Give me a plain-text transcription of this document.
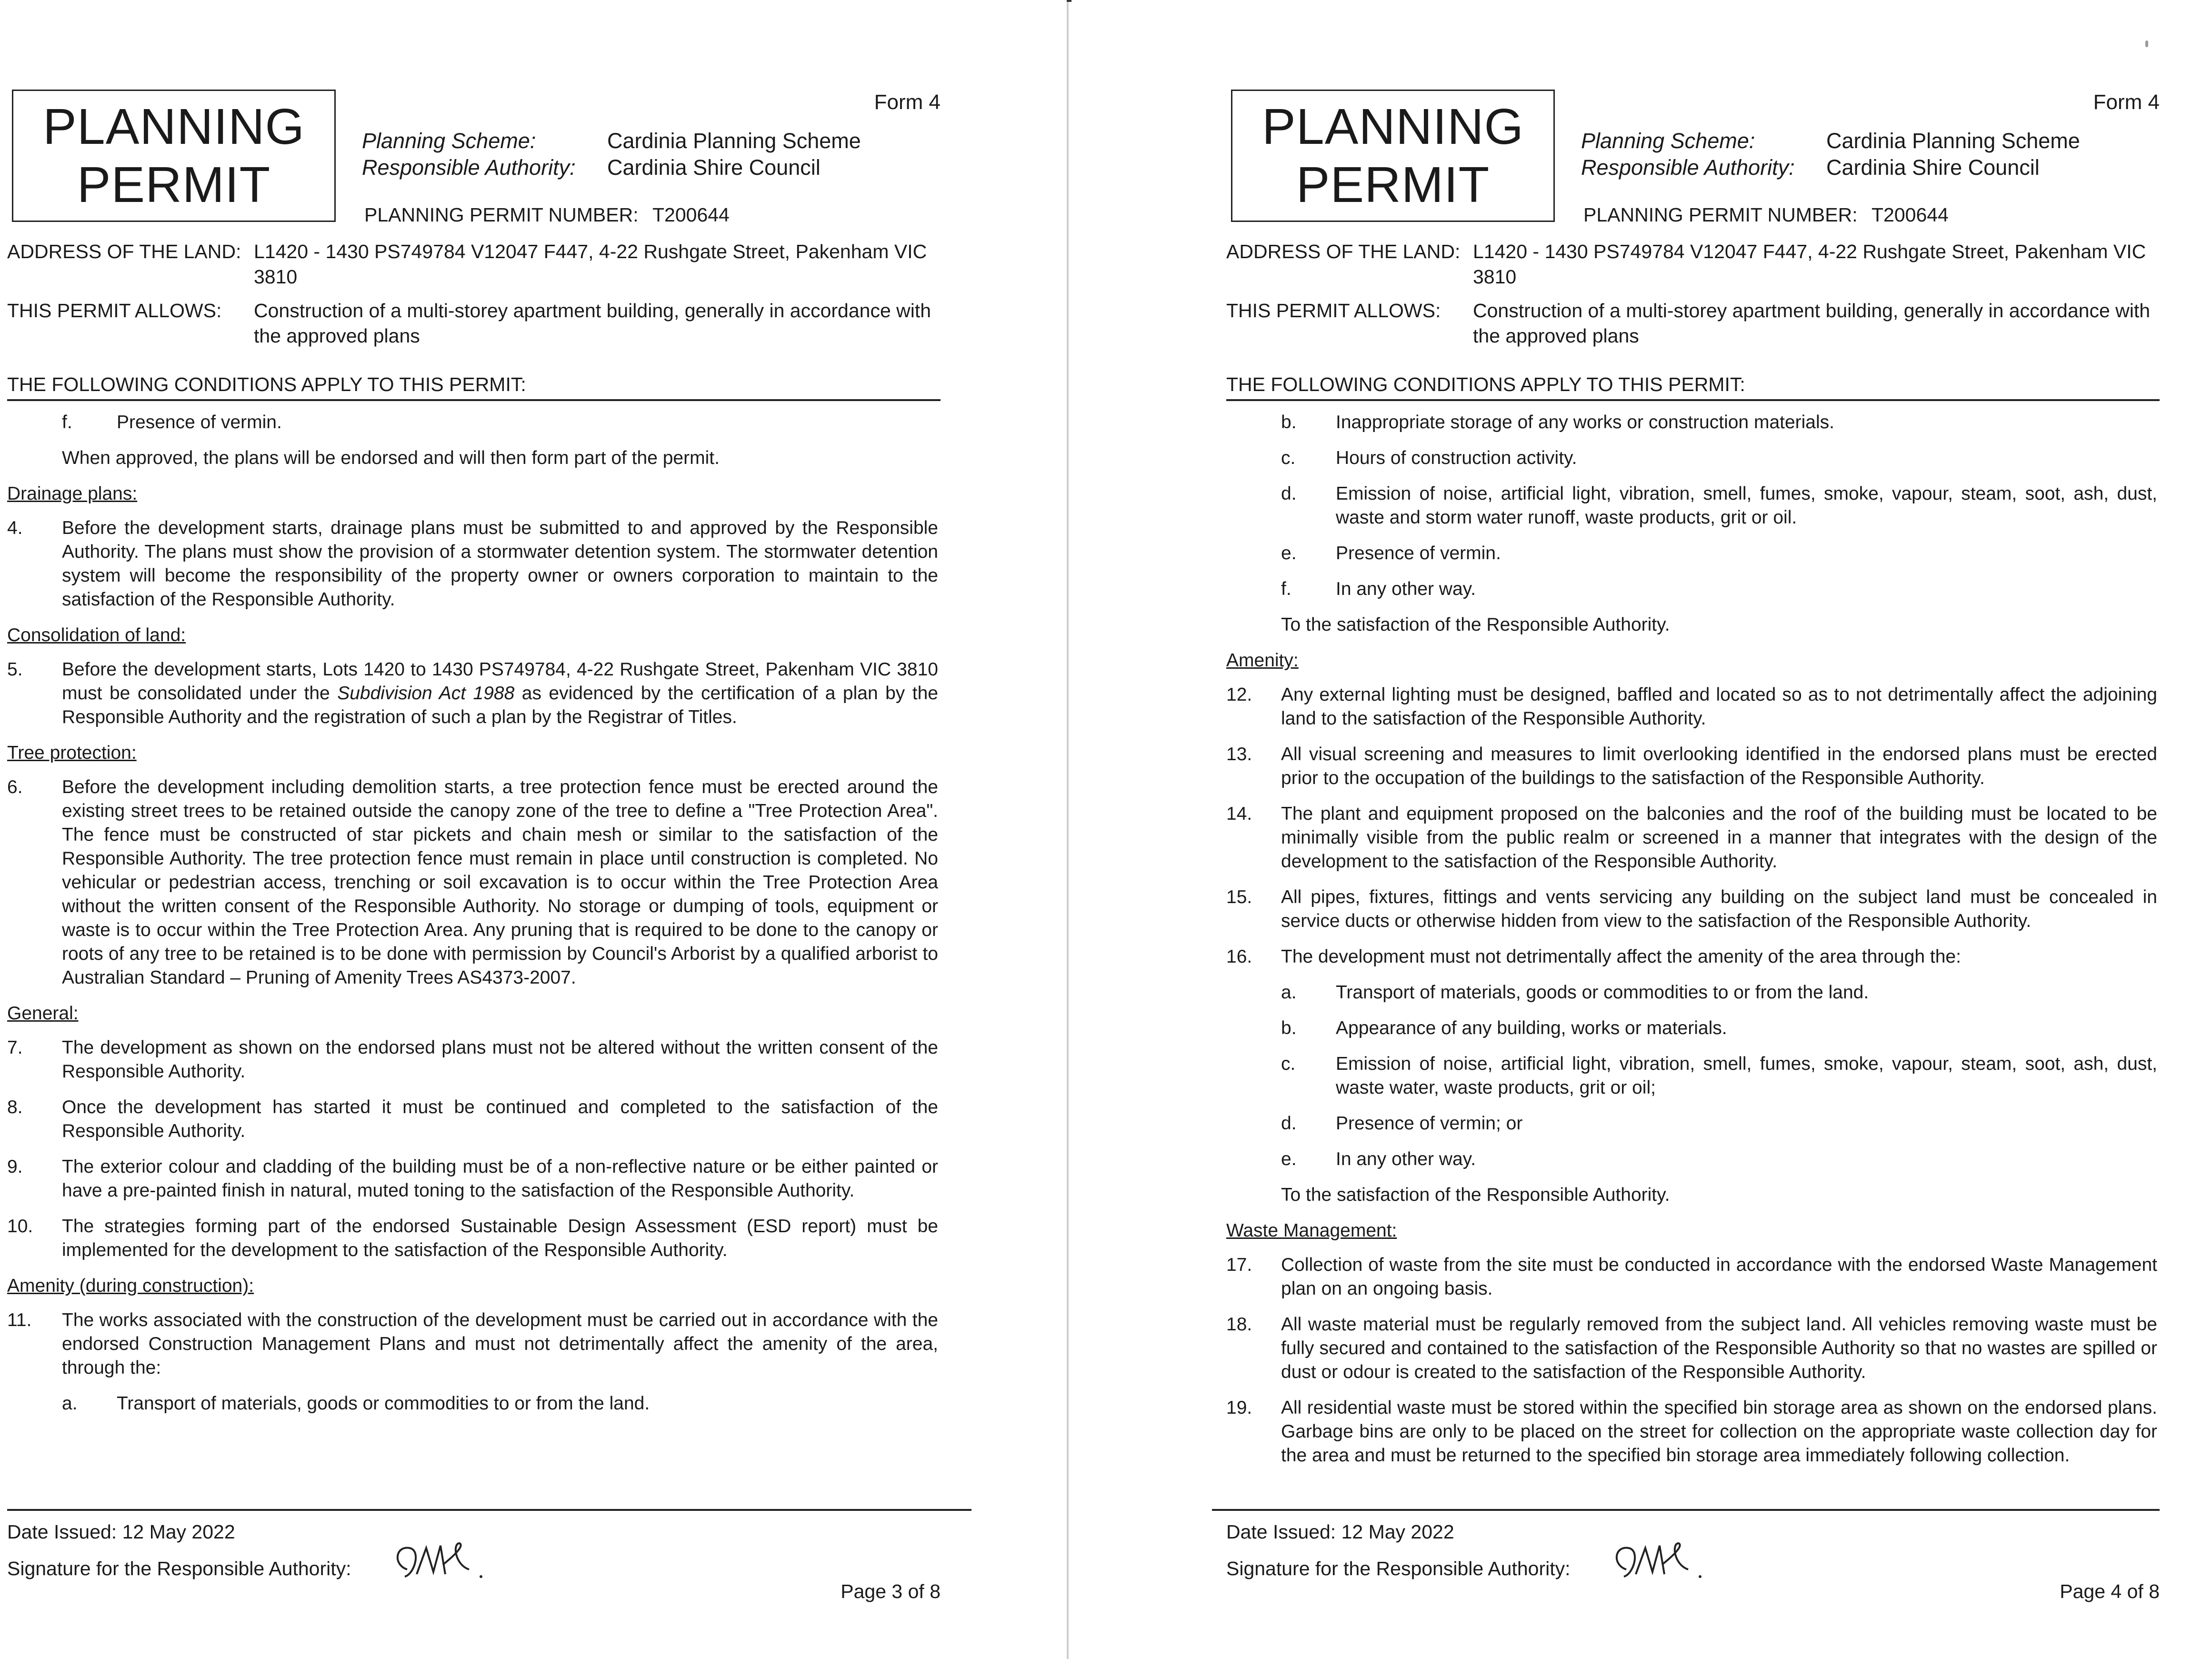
Form 4
PLANNING
PERMIT
Planning Scheme:	Cardinia Planning Scheme
Responsible Authority: Cardinia Shire Council
PLANNING PERMIT NUMBER: T200644
ADDRESS OF THE LAND: L1420 - 1430 PS749784 V12047 F447, 4-22 Rushgate Street, Pakenham VIC 3810
THIS PERMIT ALLOWS:	Construction of a multi-storey apartment building, generally in accordance with the approved plans
THE FOLLOWING CONDITIONS APPLY TO THIS PERMIT:
f.	Presence of vermin.
When approved, the plans will be endorsed and will then form part of the permit.
Drainage plans:
4.	Before the development starts, drainage plans must be submitted to and approved by the Responsible Authority. The plans must show the provision of a stormwater detention system. The stormwater detention system will become the responsibility of the property owner or owners corporation to maintain to the satisfaction of the Responsible Authority.
Consolidation of land:
5.	Before the development starts, Lots 1420 to 1430 PS749784, 4-22 Rushgate Street, Pakenham VIC 3810 must be consolidated under the Subdivision Act 1988 as evidenced by the certification of a plan by the Responsible Authority and the registration of such a plan by the Registrar of Titles.
Tree protection:
6.	Before the development including demolition starts, a tree protection fence must be erected around the existing street trees to be retained outside the canopy zone of the tree to define a "Tree Protection Area". The fence must be constructed of star pickets and chain mesh or similar to the satisfaction of the Responsible Authority. The tree protection fence must remain in place until construction is completed. No vehicular or pedestrian access, trenching or soil excavation is to occur within the Tree Protection Area without the written consent of the Responsible Authority. No storage or dumping of tools, equipment or waste is to occur within the Tree Protection Area. Any pruning that is required to be done to the canopy or roots of any tree to be retained is to be done with permission by Council's Arborist by a qualified arborist to Australian Standard – Pruning of Amenity Trees AS4373-2007.
General:
7.	The development as shown on the endorsed plans must not be altered without the written consent of the Responsible Authority.
8.	Once the development has started it must be continued and completed to the satisfaction of the Responsible Authority.
9.	The exterior colour and cladding of the building must be of a non-reflective nature or be either painted or have a pre-painted finish in natural, muted toning to the satisfaction of the Responsible Authority.
10.	The strategies forming part of the endorsed Sustainable Design Assessment (ESD report) must be implemented for the development to the satisfaction of the Responsible Authority.
Amenity (during construction):
11.	The works associated with the construction of the development must be carried out in accordance with the endorsed Construction Management Plans and must not detrimentally affect the amenity of the area, through the:
a.	Transport of materials, goods or commodities to or from the land.
Date Issued: 12 May 2022
Signature for the Responsible Authority:
Page 3 of 8
Form 4
PLANNING
PERMIT
Planning Scheme:	Cardinia Planning Scheme
Responsible Authority: Cardinia Shire Council
PLANNING PERMIT NUMBER: T200644
ADDRESS OF THE LAND: L1420 - 1430 PS749784 V12047 F447, 4-22 Rushgate Street, Pakenham VIC 3810
THIS PERMIT ALLOWS:	Construction of a multi-storey apartment building, generally in accordance with the approved plans
THE FOLLOWING CONDITIONS APPLY TO THIS PERMIT:
b.	Inappropriate storage of any works or construction materials.
c.	Hours of construction activity.
d.	Emission of noise, artificial light, vibration, smell, fumes, smoke, vapour, steam, soot, ash, dust, waste and storm water runoff, waste products, grit or oil.
e.	Presence of vermin.
f.	In any other way.
To the satisfaction of the Responsible Authority.
Amenity:
12.	Any external lighting must be designed, baffled and located so as to not detrimentally affect the adjoining land to the satisfaction of the Responsible Authority.
13.	All visual screening and measures to limit overlooking identified in the endorsed plans must be erected prior to the occupation of the buildings to the satisfaction of the Responsible Authority.
14.	The plant and equipment proposed on the balconies and the roof of the building must be located to be minimally visible from the public realm or screened in a manner that integrates with the design of the development to the satisfaction of the Responsible Authority.
15.	All pipes, fixtures, fittings and vents servicing any building on the subject land must be concealed in service ducts or otherwise hidden from view to the satisfaction of the Responsible Authority.
16.	The development must not detrimentally affect the amenity of the area through the:
a.	Transport of materials, goods or commodities to or from the land.
b.	Appearance of any building, works or materials.
c.	Emission of noise, artificial light, vibration, smell, fumes, smoke, vapour, steam, soot, ash, dust, waste water, waste products, grit or oil;
d.	Presence of vermin; or
e.	In any other way.
To the satisfaction of the Responsible Authority.
Waste Management:
17.	Collection of waste from the site must be conducted in accordance with the endorsed Waste Management plan on an ongoing basis.
18.	All waste material must be regularly removed from the subject land. All vehicles removing waste must be fully secured and contained to the satisfaction of the Responsible Authority so that no wastes are spilled or dust or odour is created to the satisfaction of the Responsible Authority.
19.	All residential waste must be stored within the specified bin storage area as shown on the endorsed plans. Garbage bins are only to be placed on the street for collection on the appropriate waste collection day for the area and must be returned to the specified bin storage area immediately following collection.
Date Issued: 12 May 2022
Signature for the Responsible Authority:
Page 4 of 8
